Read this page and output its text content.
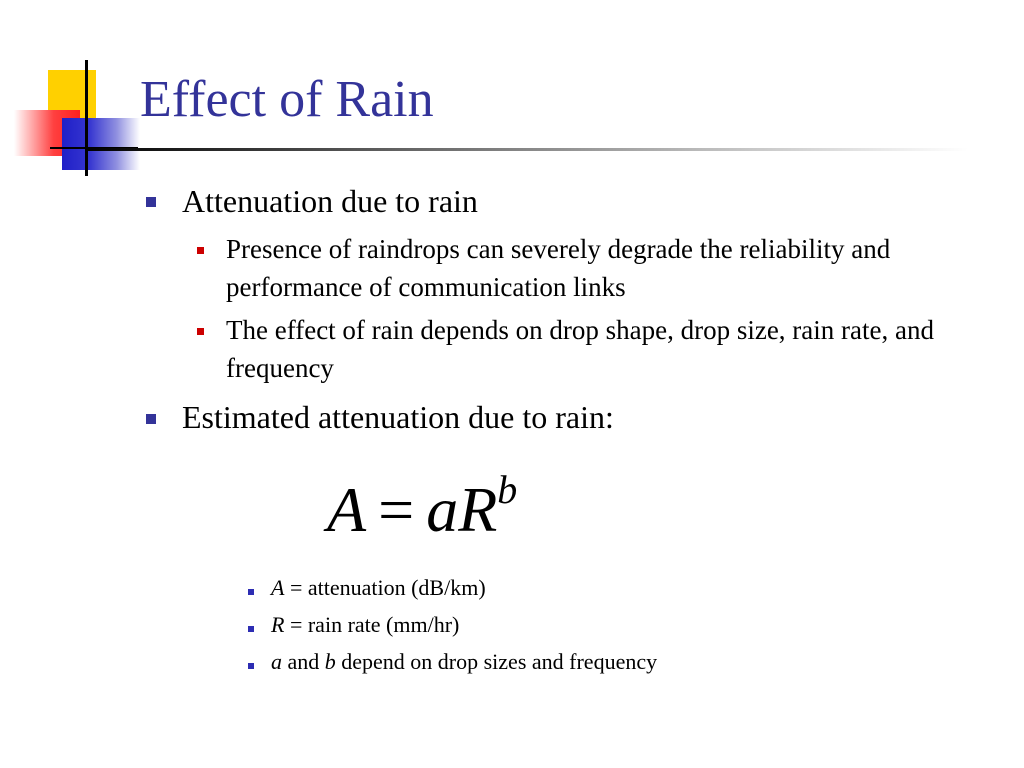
Effect of Rain
Attenuation due to rain
Presence of raindrops can severely degrade the reliability and performance of communication links
The effect of rain depends on drop shape, drop size, rain rate, and frequency
Estimated attenuation due to rain:
$A = aR^b$
A = attenuation (dB/km)
R = rain rate (mm/hr)
a and b depend on drop sizes and frequency
